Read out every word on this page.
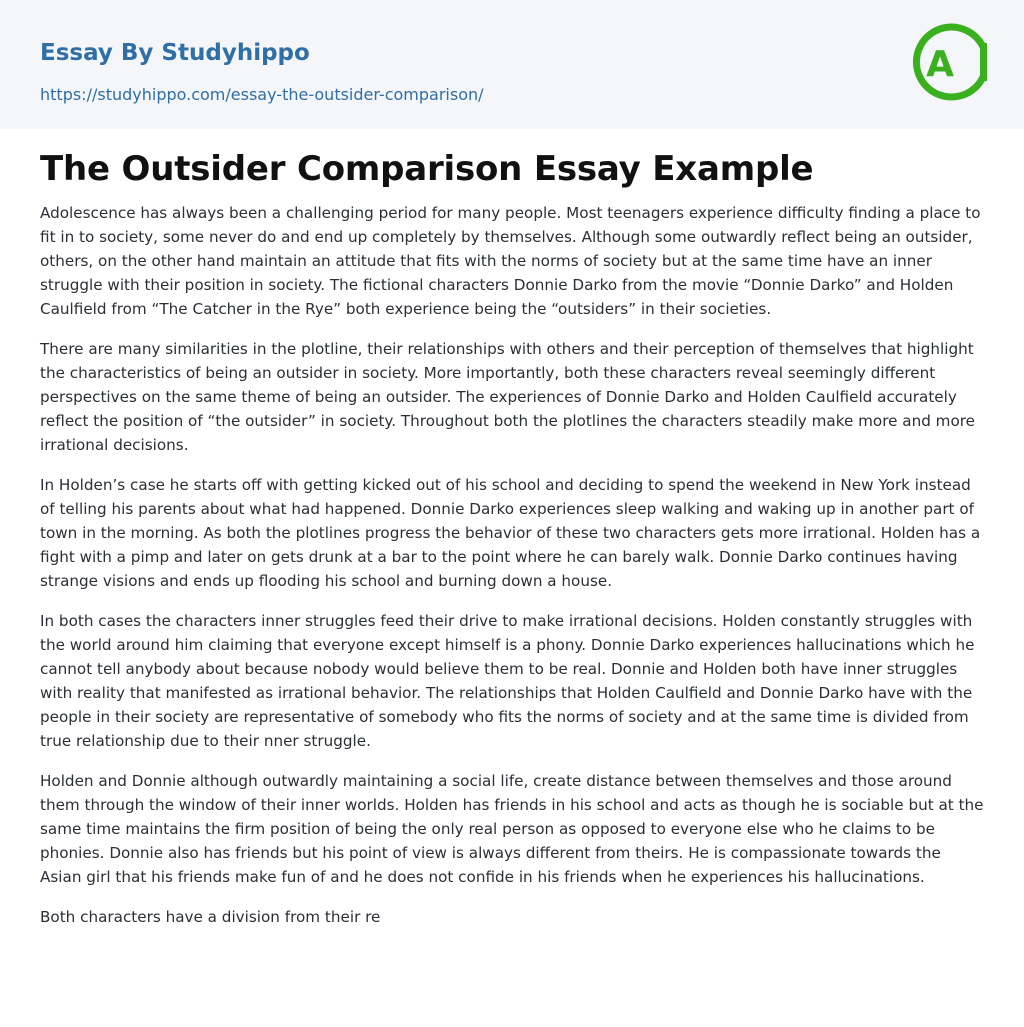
Essay By Studyhippo
https://studyhippo.com/essay-the-outsider-comparison/
A
The Outsider Comparison Essay Example

Adolescence has always been a challenging period for many people. Most teenagers experience difficulty finding a place to fit in to society, some never do and end up completely by themselves. Although some outwardly reflect being an outsider, others, on the other hand maintain an attitude that fits with the norms of society but at the same time have an inner struggle with their position in society. The fictional characters Donnie Darko from the movie “Donnie Darko” and Holden Caulfield from “The Catcher in the Rye” both experience being the “outsiders” in their societies.

There are many similarities in the plotline, their relationships with others and their perception of themselves that highlight the characteristics of being an outsider in society. More importantly, both these characters reveal seemingly different perspectives on the same theme of being an outsider. The experiences of Donnie Darko and Holden Caulfield accurately reflect the position of “the outsider” in society. Throughout both the plotlines the characters steadily make more and more irrational decisions.

In Holden’s case he starts off with getting kicked out of his school and deciding to spend the weekend in New York instead of telling his parents about what had happened. Donnie Darko experiences sleep walking and waking up in another part of town in the morning. As both the plotlines progress the behavior of these two characters gets more irrational. Holden has a fight with a pimp and later on gets drunk at a bar to the point where he can barely walk. Donnie Darko continues having strange visions and ends up flooding his school and burning down a house.

In both cases the characters inner struggles feed their drive to make irrational decisions. Holden constantly struggles with the world around him claiming that everyone except himself is a phony. Donnie Darko experiences hallucinations which he cannot tell anybody about because nobody would believe them to be real. Donnie and Holden both have inner struggles with reality that manifested as irrational behavior. The relationships that Holden Caulfield and Donnie Darko have with the people in their society are representative of somebody who fits the norms of society and at the same time is divided from true relationship due to their nner struggle.

Holden and Donnie although outwardly maintaining a social life, create distance between themselves and those around them through the window of their inner worlds. Holden has friends in his school and acts as though he is sociable but at the same time maintains the firm position of being the only real person as opposed to everyone else who he claims to be phonies. Donnie also has friends but his point of view is always different from theirs. He is compassionate towards the Asian girl that his friends make fun of and he does not confide in his friends when he experiences his hallucinations.

Both characters have a division from their re
